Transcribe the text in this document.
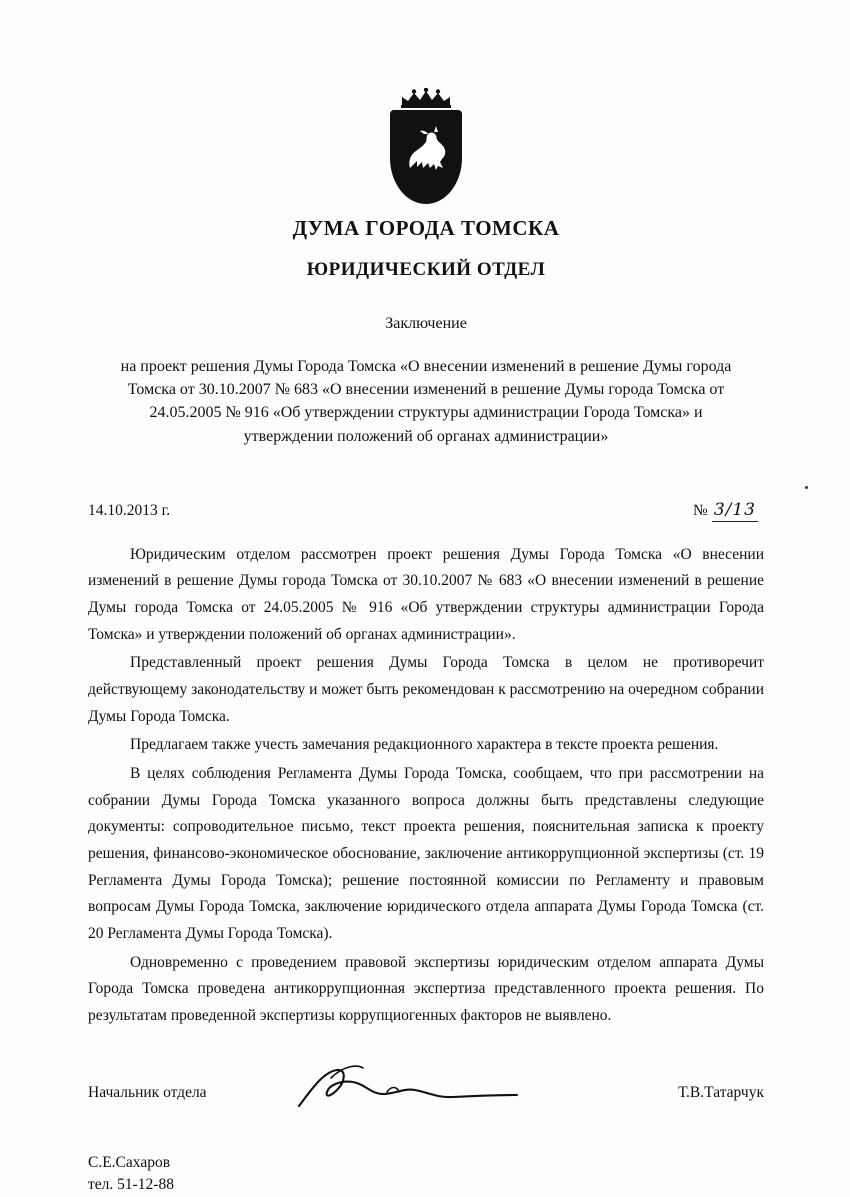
ДУМА ГОРОДА ТОМСКА
ЮРИДИЧЕСКИЙ ОТДЕЛ
Заключение
на проект решения Думы Города Томска «О внесении изменений в решение Думы города Томска от 30.10.2007 № 683 «О внесении изменений в решение Думы города Томска от 24.05.2005 № 916 «Об утверждении структуры администрации Города Томска» и утверждении положений об органах администрации»
14.10.2013 г.	№ 3/13

Юридическим отделом рассмотрен проект решения Думы Города Томска «О внесении изменений в решение Думы города Томска от 30.10.2007 № 683 «О внесении изменений в решение Думы города Томска от 24.05.2005 № 916 «Об утверждении структуры администрации Города Томска» и утверждении положений об органах администрации».

Представленный проект решения Думы Города Томска в целом не противоречит действующему законодательству и может быть рекомендован к рассмотрению на очередном собрании Думы Города Томска.

Предлагаем также учесть замечания редакционного характера в тексте проекта решения.

В целях соблюдения Регламента Думы Города Томска, сообщаем, что при рассмотрении на собрании Думы Города Томска указанного вопроса должны быть представлены следующие документы: сопроводительное письмо, текст проекта решения, пояснительная записка к проекту решения, финансово-экономическое обоснование, заключение антикоррупционной экспертизы (ст. 19 Регламента Думы Города Томска); решение постоянной комиссии по Регламенту и правовым вопросам Думы Города Томска, заключение юридического отдела аппарата Думы Города Томска (ст. 20 Регламента Думы Города Томска).

Одновременно с проведением правовой экспертизы юридическим отделом аппарата Думы Города Томска проведена антикоррупционная экспертиза представленного проекта решения. По результатам проведенной экспертизы коррупциогенных факторов не выявлено.

Начальник отдела	Т.В.Татарчук
С.Е.Сахаров
тел. 51-12-88
